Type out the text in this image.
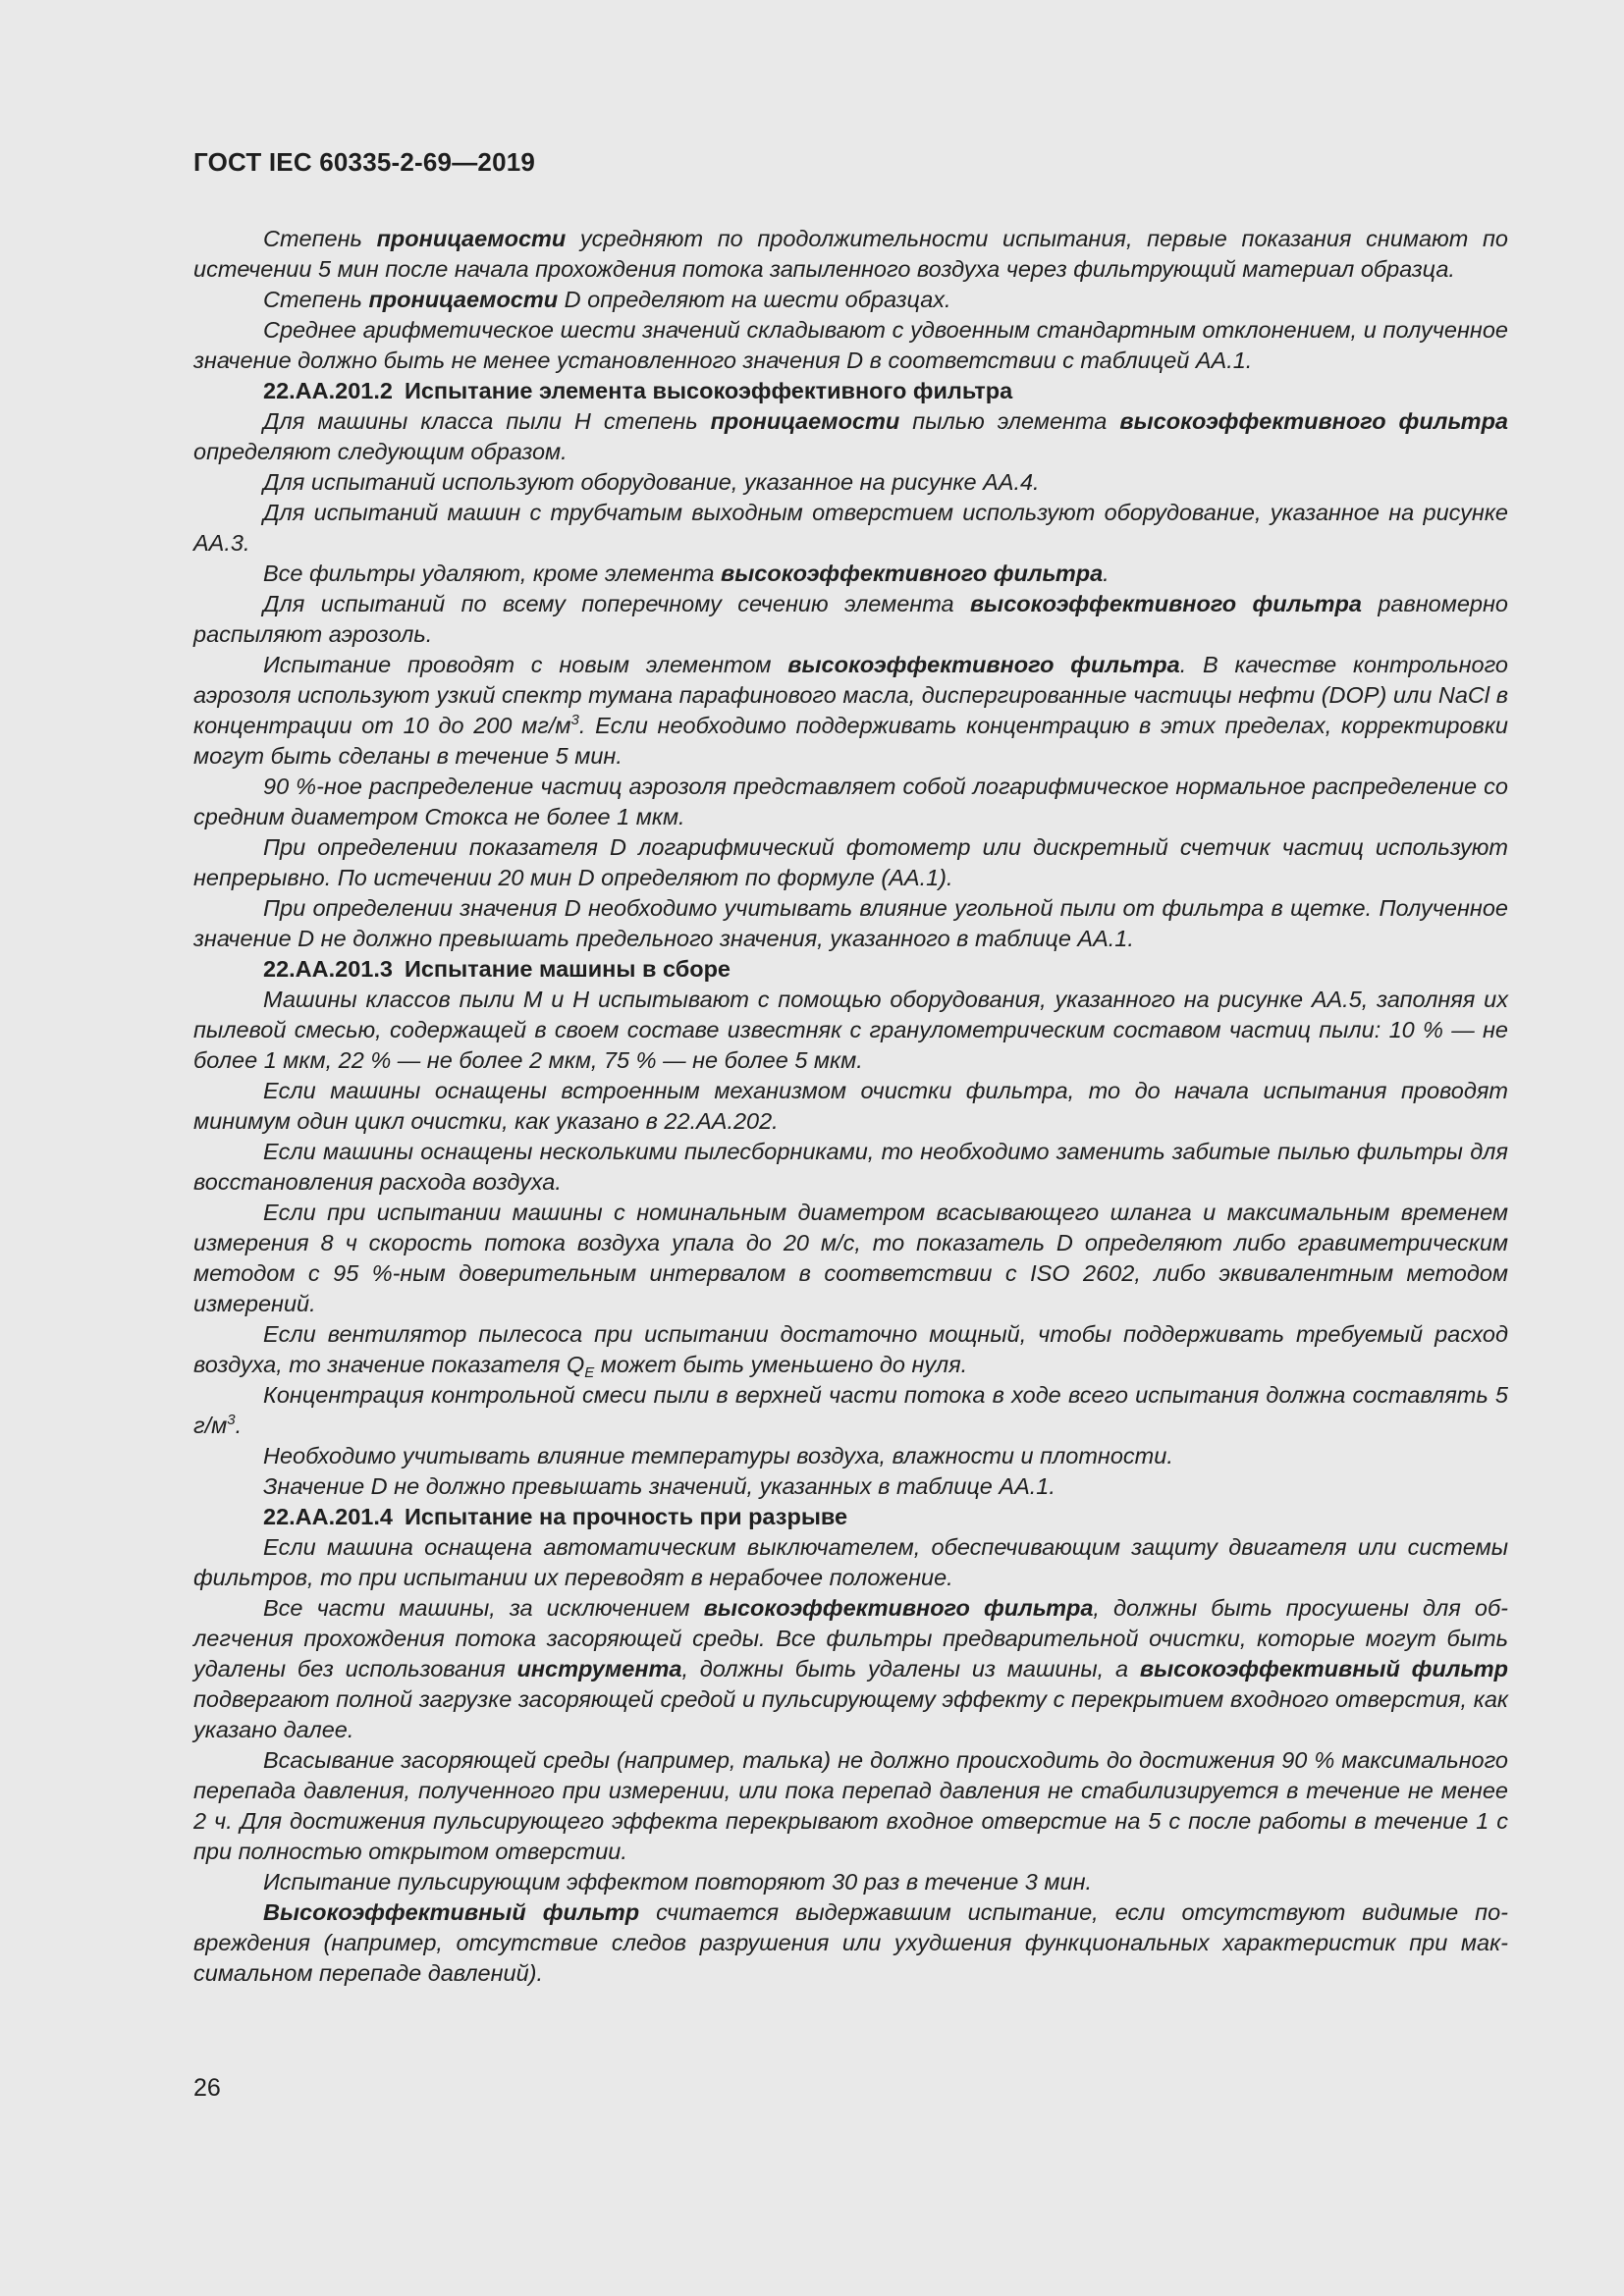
ГОСТ IEC 60335-2-69—2019

Степень проницаемости усредняют по продолжительности испытания, первые показания снимают по истечении 5 мин после начала прохождения потока запыленного воздуха через фильтрующий материал образца.

Степень проницаемости D определяют на шести образцах.

Среднее арифметическое шести значений складывают с удвоенным стандартным отклонением, и полученное значение должно быть не менее установленного значения D в соответствии с таблицей АА.1.

22.АА.201.2 Испытание элемента высокоэффективного фильтра

Для машины класса пыли Н степень проницаемости пылью элемента высокоэффективного фильтра определяют следующим образом.

Для испытаний используют оборудование, указанное на рисунке АА.4.

Для испытаний машин с трубчатым выходным отверстием используют оборудование, указанное на рисунке АА.3.

Все фильтры удаляют, кроме элемента высокоэффективного фильтра.

Для испытаний по всему поперечному сечению элемента высокоэффективного фильтра равномерно распыляют аэрозоль.

Испытание проводят с новым элементом высокоэффективного фильтра. В качестве контрольного аэрозоля используют узкий спектр тумана парафинового масла, диспергированные частицы нефти (DOP) или NaCl в концентрации от 10 до 200 $мг/м^3$. Если необходимо поддерживать концентрацию в этих пределах, корректировки могут быть сделаны в течение 5 мин.

90 %-ное распределение частиц аэрозоля представляет собой логарифмическое нормальное распределение со средним диаметром Стокса не более 1 мкм.

При определении показателя D логарифмический фотометр или дискретный счетчик частиц используют непрерывно. По истечении 20 мин D определяют по формуле (АА.1).

При определении значения D необходимо учитывать влияние угольной пыли от фильтра в щетке. Полученное значение D не должно превышать предельного значения, указанного в таблице АА.1.

22.АА.201.3 Испытание машины в сборе

Машины классов пыли М и Н испытывают с помощью оборудования, указанного на рисунке АА.5, заполняя их пылевой смесью, содержащей в своем составе известняк с гранулометрическим составом частиц пыли: 10 % — не более 1 мкм, 22 % — не более 2 мкм, 75 % — не более 5 мкм.

Если машины оснащены встроенным механизмом очистки фильтра, то до начала испытания проводят минимум один цикл очистки, как указано в 22.АА.202.

Если машины оснащены несколькими пылесборниками, то необходимо заменить забитые пылью фильтры для восстановления расхода воздуха.

Если при испытании машины с номинальным диаметром всасывающего шланга и максимальным временем измерения 8 ч скорость потока воздуха упала до 20 м/с, то показатель D определяют либо гравиметрическим методом с 95 %-ным доверительным интервалом в соответствии с ISO 2602, либо эквивалентным методом измерений.

Если вентилятор пылесоса при испытании достаточно мощный, чтобы поддерживать требуемый расход воздуха, то значение показателя $Q_E$ может быть уменьшено до нуля.

Концентрация контрольной смеси пыли в верхней части потока в ходе всего испытания должна составлять 5 $г/м^3$.

Необходимо учитывать влияние температуры воздуха, влажности и плотности.

Значение D не должно превышать значений, указанных в таблице АА.1.

22.АА.201.4 Испытание на прочность при разрыве

Если машина оснащена автоматическим выключателем, обеспечивающим защиту двигателя или системы фильтров, то при испытании их переводят в нерабочее положение.

Все части машины, за исключением высокоэффективного фильтра, должны быть просушены для облегчения прохождения потока засоряющей среды. Все фильтры предварительной очистки, которые могут быть удалены без использования инструмента, должны быть удалены из машины, а высокоэффективный фильтр подвергают полной загрузке засоряющей средой и пульсирующему эффекту с перекрытием входного отверстия, как указано далее.

Всасывание засоряющей среды (например, талька) не должно происходить до достижения 90 % максимального перепада давления, полученного при измерении, или пока перепад давления не стабилизируется в течение не менее 2 ч. Для достижения пульсирующего эффекта перекрывают входное отверстие на 5 с после работы в течение 1 с при полностью открытом отверстии.

Испытание пульсирующим эффектом повторяют 30 раз в течение 3 мин.

Высокоэффективный фильтр считается выдержавшим испытание, если отсутствуют видимые повреждения (например, отсутствие следов разрушения или ухудшения функциональных характеристик при максимальном перепаде давлений).

26
